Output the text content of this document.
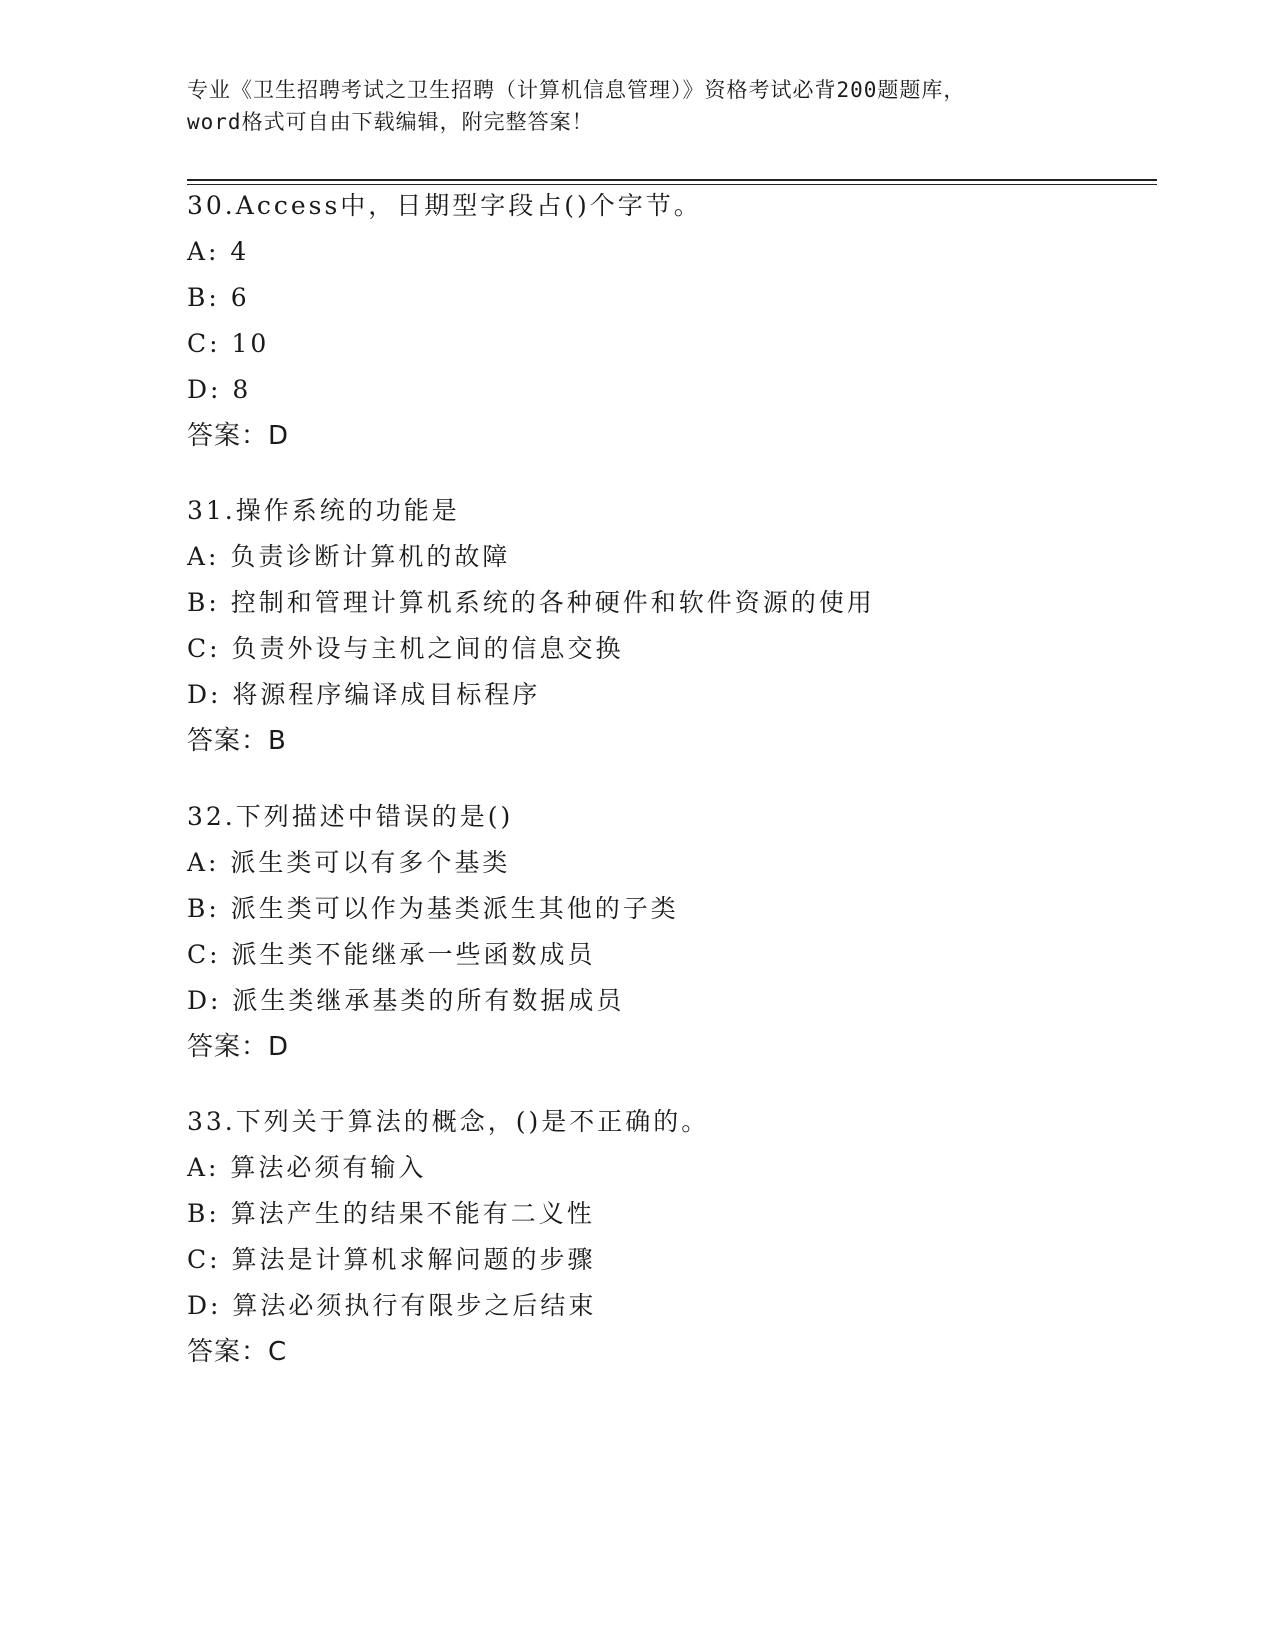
专业《卫生招聘考试之卫生招聘（计算机信息管理）》资格考试必背200题题库，
word格式可自由下载编辑，附完整答案！
30.Access中，日期型字段占()个字节。
A: 4
B: 6
C: 10
D: 8
答案：D
31.操作系统的功能是
A: 负责诊断计算机的故障
B: 控制和管理计算机系统的各种硬件和软件资源的使用
C: 负责外设与主机之间的信息交换
D: 将源程序编译成目标程序
答案：B
32.下列描述中错误的是()
A: 派生类可以有多个基类
B: 派生类可以作为基类派生其他的子类
C: 派生类不能继承一些函数成员
D: 派生类继承基类的所有数据成员
答案：D
33.下列关于算法的概念，()是不正确的。
A: 算法必须有输入
B: 算法产生的结果不能有二义性
C: 算法是计算机求解问题的步骤
D: 算法必须执行有限步之后结束
答案：C
